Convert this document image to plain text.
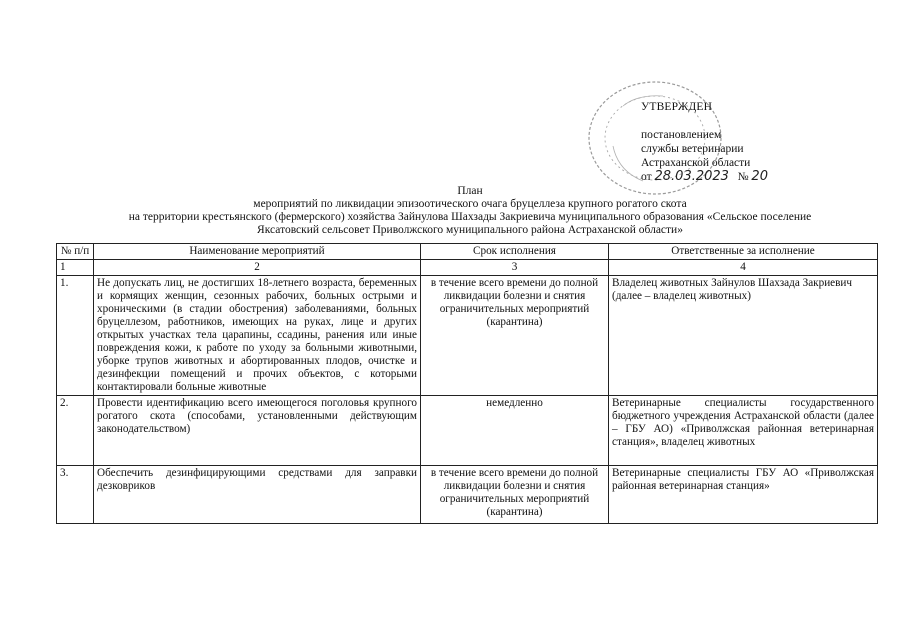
УТВЕРЖДЕН
постановлением
службы ветеринарии
Астраханской области
от 28.03.2023 № 20
План
мероприятий по ликвидации эпизоотического очага бруцеллеза крупного рогатого скота
на территории крестьянского (фермерского) хозяйства Зайнулова Шахзады Закриевича муниципального образования «Сельское поселение
Яксатовский сельсовет Приволжского муниципального района Астраханской области»
№ п/п	Наименование мероприятий	Срок исполнения	Ответственные за исполнение
1	2	3	4
1.	Не допускать лиц, не достигших 18-летнего возраста, беременных и кормящих женщин, сезонных рабочих, больных острыми и хроническими (в стадии обострения) заболеваниями, больных бруцеллезом, работников, имеющих на руках, лице и других открытых участках тела царапины, ссадины, ранения или иные повреждения кожи, к работе по уходу за больными животными, уборке трупов животных и абортированных плодов, очистке и дезинфекции помещений и прочих объектов, с которыми контактировали больные животные	в течение всего времени до полной ликвидации болезни и снятия ограничительных мероприятий (карантина)	Владелец животных Зайнулов Шахзада Закриевич (далее – владелец животных)
2.	Провести идентификацию всего имеющегося поголовья крупного рогатого скота (способами, установленными действующим законодательством)	немедленно	Ветеринарные специалисты государственного бюджетного учреждения Астраханской области (далее – ГБУ АО) «Приволжская районная ветеринарная станция», владелец животных
3.	Обеспечить дезинфицирующими средствами для заправки дезковриков	в течение всего времени до полной ликвидации болезни и снятия ограничительных мероприятий (карантина)	Ветеринарные специалисты ГБУ АО «Приволжская районная ветеринарная станция»
